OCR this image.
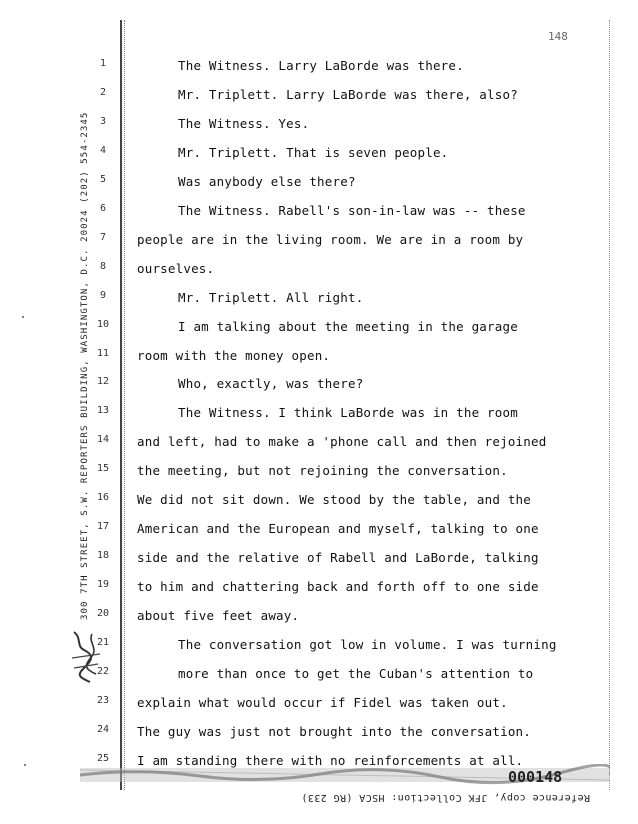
148
300 7TH STREET, S.W. REPORTERS BUILDING, WASHINGTON, D.C. 20024 (202) 554-2345
1
2
3
4
5
6
7
8
9
10
11
12
13
14
15
16
17
18
19
20
21
22
23
24
25
The Witness. Larry LaBorde was there.
Mr. Triplett. Larry LaBorde was there, also?
The Witness. Yes.
Mr. Triplett. That is seven people.
Was anybody else there?
The Witness. Rabell's son-in-law was -- these
people are in the living room. We are in a room by
ourselves.
Mr. Triplett. All right.
I am talking about the meeting in the garage
room with the money open.
Who, exactly, was there?
The Witness. I think LaBorde was in the room
and left, had to make a 'phone call and then rejoined
the meeting, but not rejoining the conversation.
We did not sit down. We stood by the table, and the
American and the European and myself, talking to one
side and the relative of Rabell and LaBorde, talking
to him and chattering back and forth off to one side
about five feet away.
The conversation got low in volume. I was turning
more than once to get the Cuban's attention to
explain what would occur if Fidel was taken out.
The guy was just not brought into the conversation.
I am standing there with no reinforcements at all.
000148
Reference copy, JFK Collection: HSCA (RG 233)
